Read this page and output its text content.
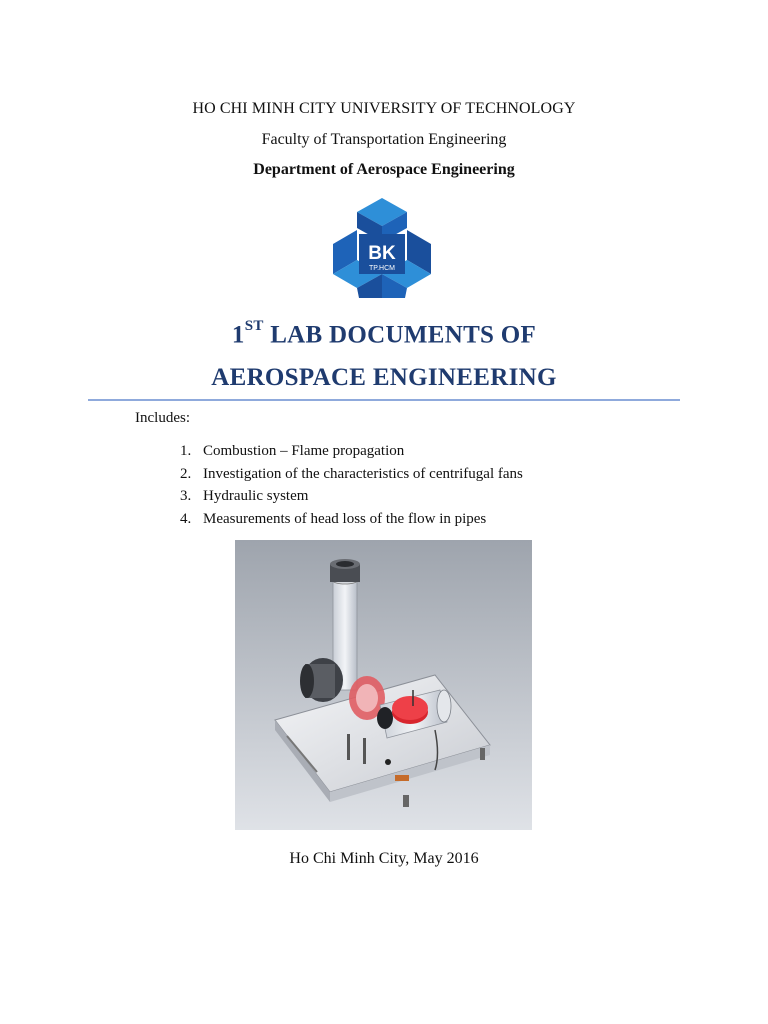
HO CHI MINH CITY UNIVERSITY OF TECHNOLOGY
Faculty of Transportation Engineering
Department of Aerospace Engineering
BK
TP.HCM
1ST LAB DOCUMENTS OF
AEROSPACE ENGINEERING
Includes:
1. Combustion – Flame propagation
2. Investigation of the characteristics of centrifugal fans
3. Hydraulic system
4. Measurements of head loss of the flow in pipes
Ho Chi Minh City, May 2016
